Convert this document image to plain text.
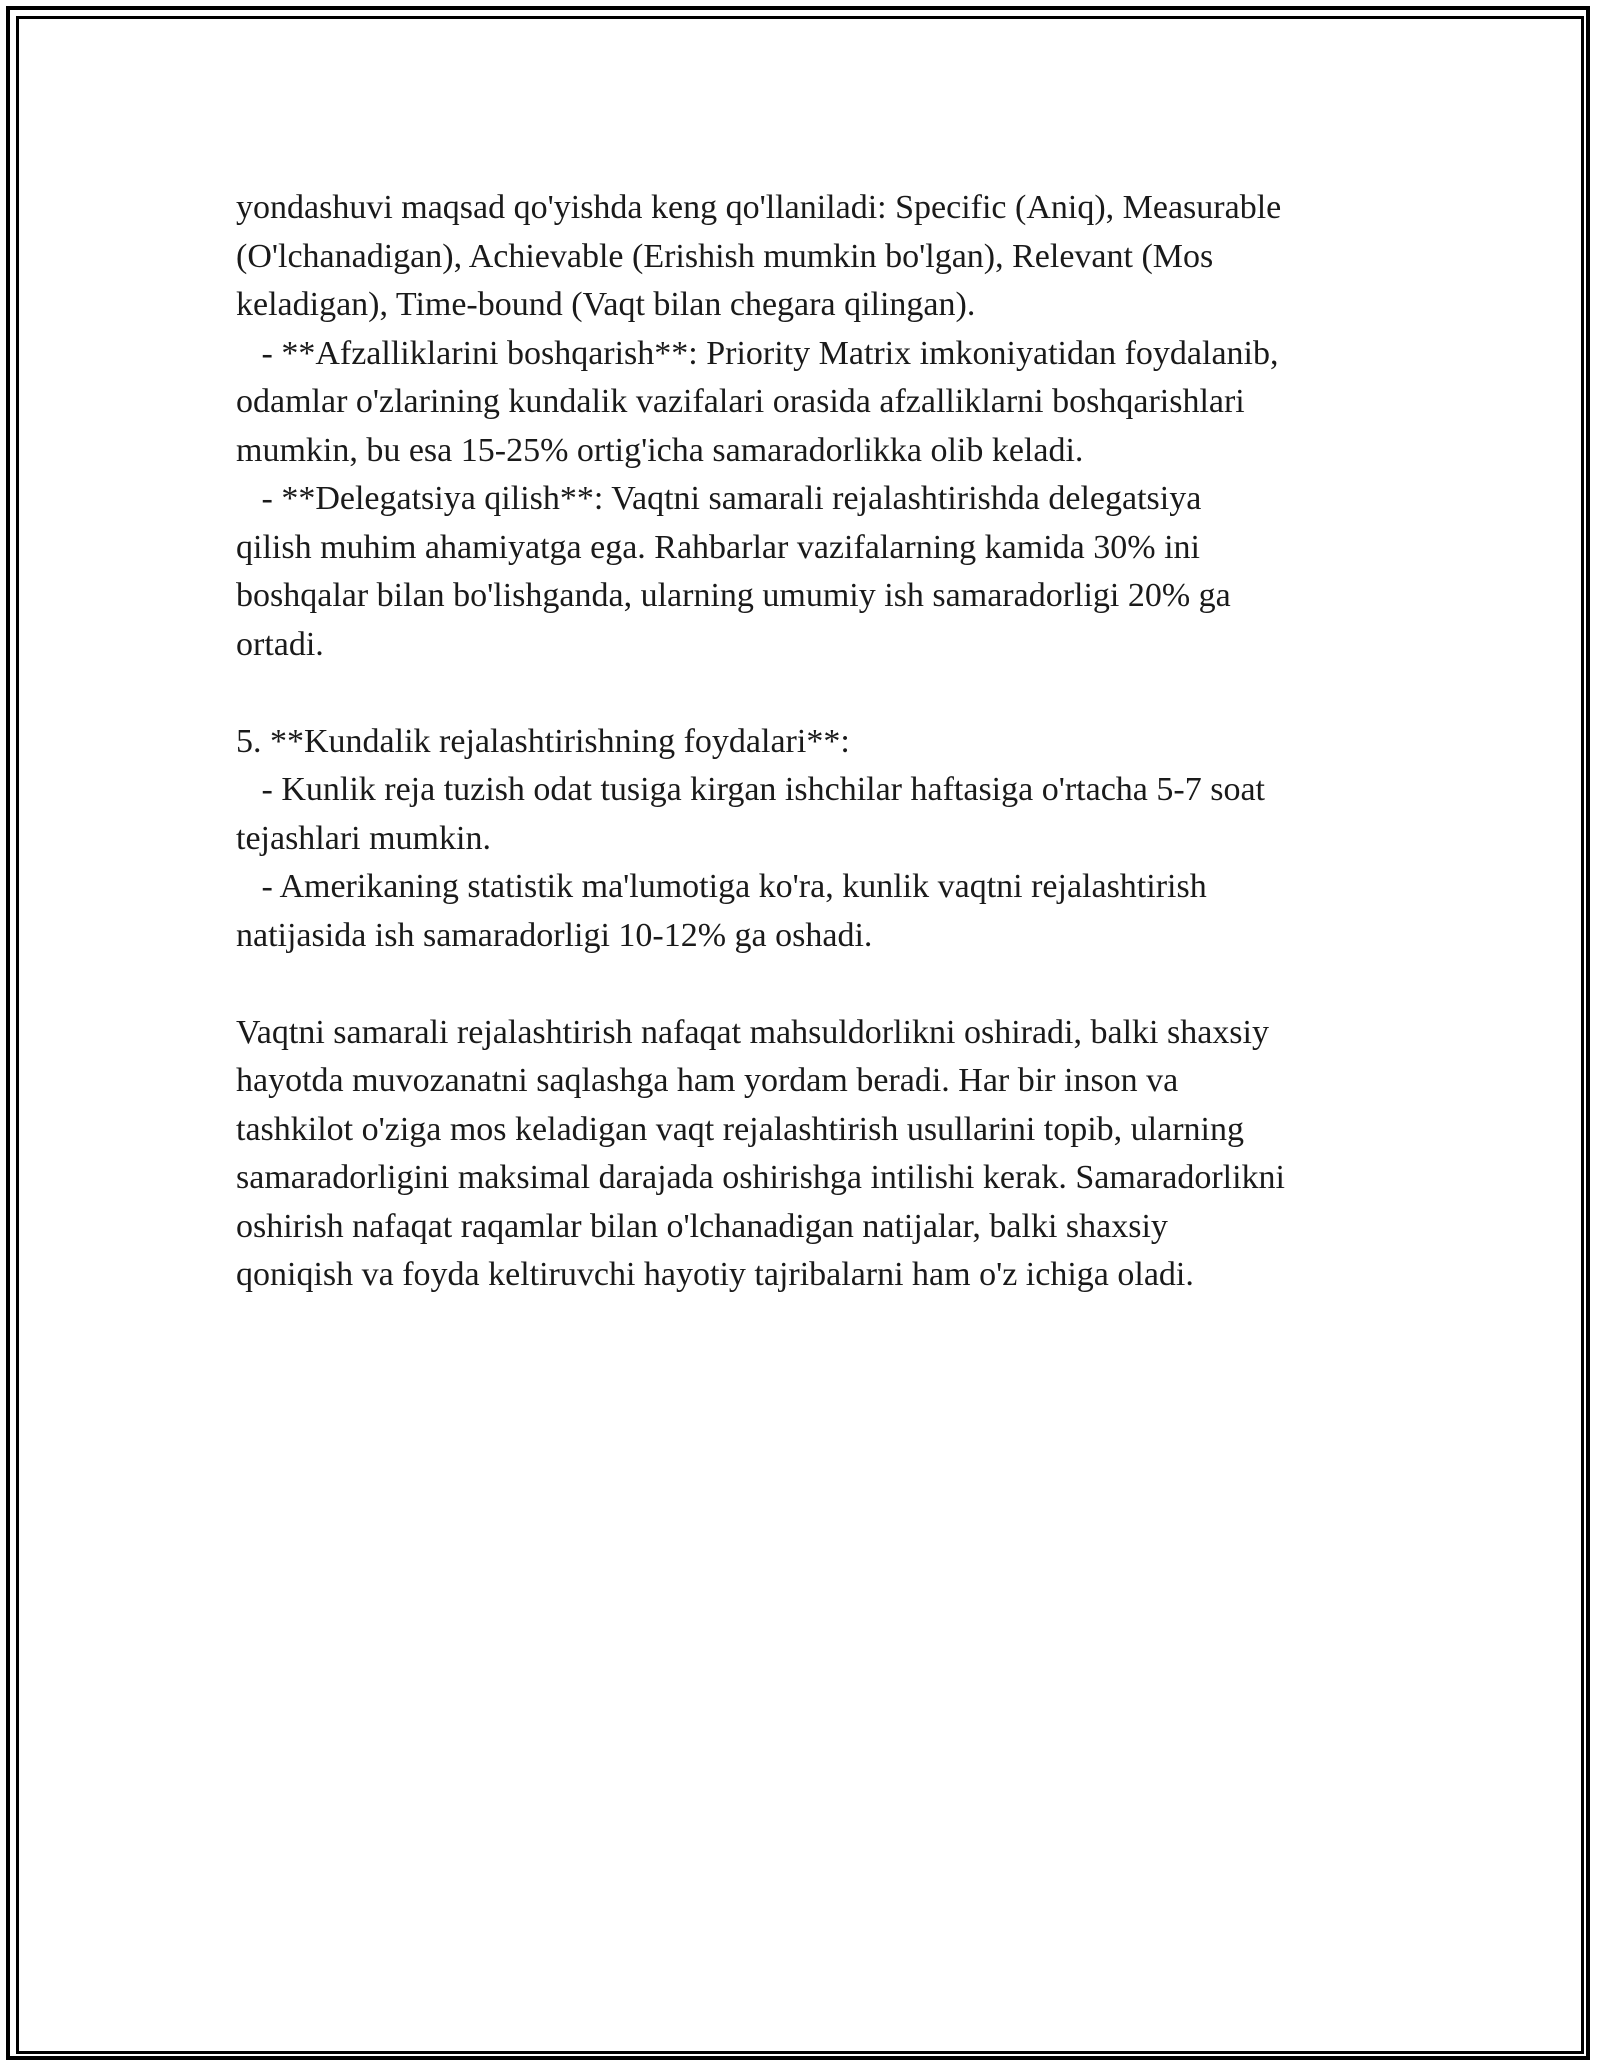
yondashuvi maqsad qo'yishda keng qo'llaniladi: Specific (Aniq), Measurable
(O'lchanadigan), Achievable (Erishish mumkin bo'lgan), Relevant (Mos
keladigan), Time-bound (Vaqt bilan chegara qilingan).
- **Afzalliklarini boshqarish**: Priority Matrix imkoniyatidan foydalanib,
odamlar o'zlarining kundalik vazifalari orasida afzalliklarni boshqarishlari
mumkin, bu esa 15-25% ortig'icha samaradorlikka olib keladi.
- **Delegatsiya qilish**: Vaqtni samarali rejalashtirishda delegatsiya
qilish muhim ahamiyatga ega. Rahbarlar vazifalarning kamida 30% ini
boshqalar bilan bo'lishganda, ularning umumiy ish samaradorligi 20% ga
ortadi.
5. **Kundalik rejalashtirishning foydalari**:
- Kunlik reja tuzish odat tusiga kirgan ishchilar haftasiga o'rtacha 5-7 soat
tejashlari mumkin.
- Amerikaning statistik ma'lumotiga ko'ra, kunlik vaqtni rejalashtirish
natijasida ish samaradorligi 10-12% ga oshadi.
Vaqtni samarali rejalashtirish nafaqat mahsuldorlikni oshiradi, balki shaxsiy
hayotda muvozanatni saqlashga ham yordam beradi. Har bir inson va
tashkilot o'ziga mos keladigan vaqt rejalashtirish usullarini topib, ularning
samaradorligini maksimal darajada oshirishga intilishi kerak. Samaradorlikni
oshirish nafaqat raqamlar bilan o'lchanadigan natijalar, balki shaxsiy
qoniqish va foyda keltiruvchi hayotiy tajribalarni ham o'z ichiga oladi.
